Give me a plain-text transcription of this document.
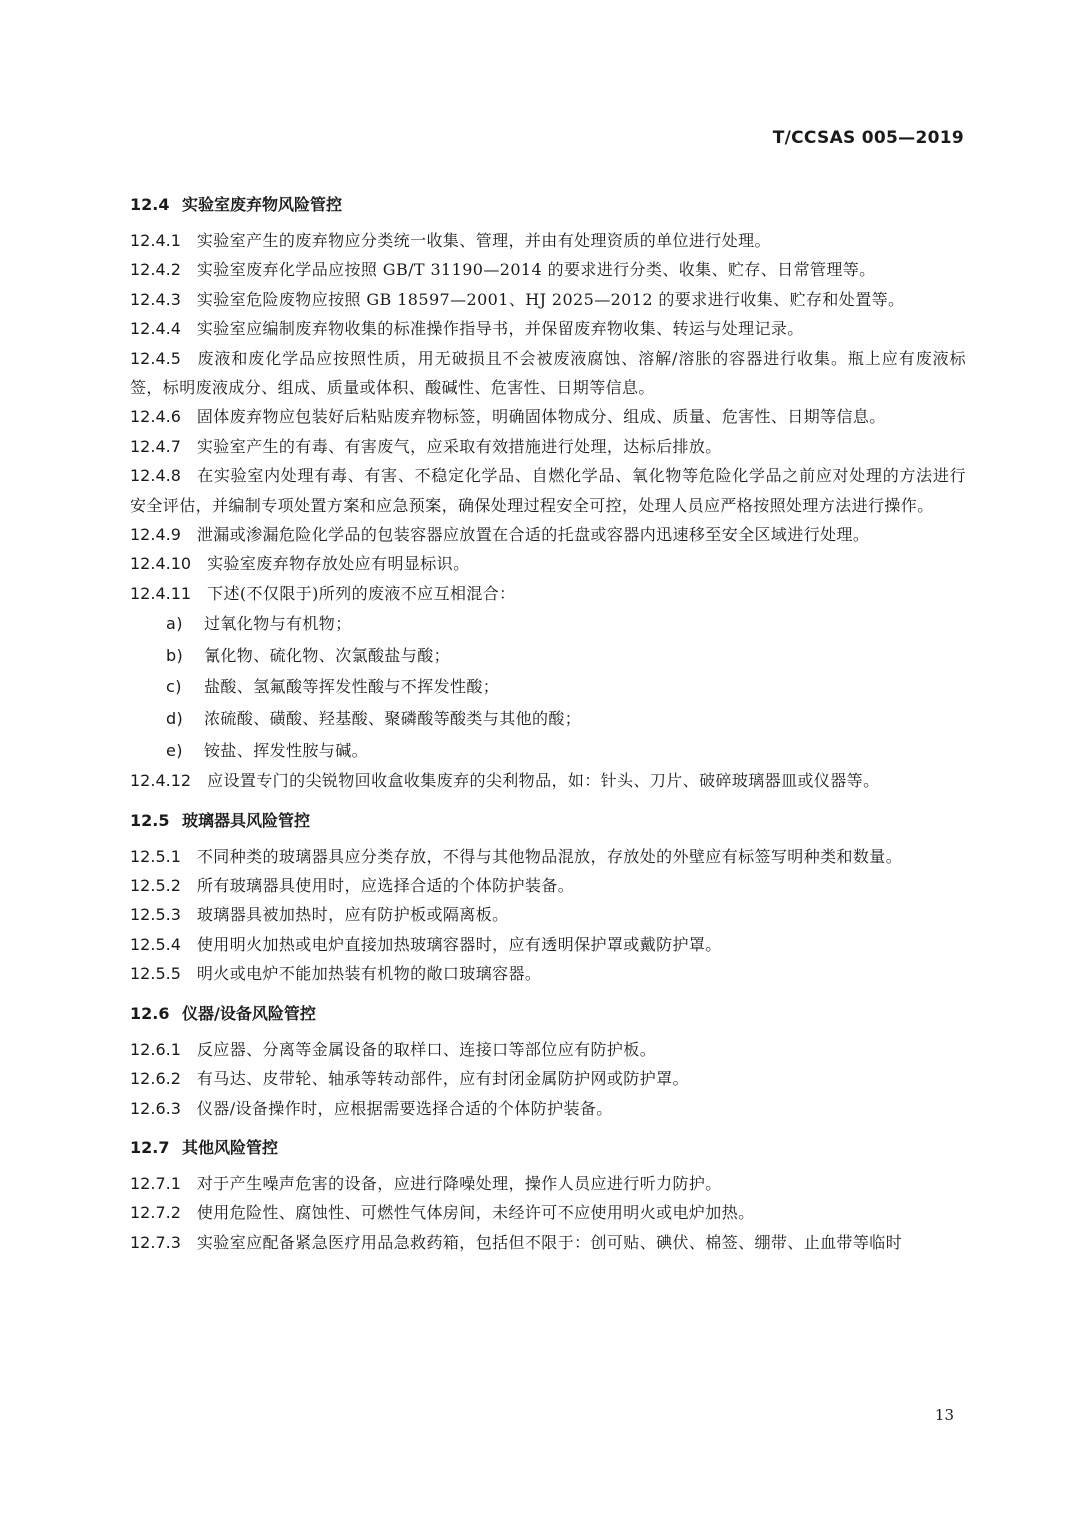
T/CCSAS 005—2019
12.4 实验室废弃物风险管控

12.4.1 实验室产生的废弃物应分类统一收集、管理，并由有处理资质的单位进行处理。

12.4.2 实验室废弃化学品应按照 GB/T 31190—2014 的要求进行分类、收集、贮存、日常管理等。

12.4.3 实验室危险废物应按照 GB 18597—2001、HJ 2025—2012 的要求进行收集、贮存和处置等。

12.4.4 实验室应编制废弃物收集的标准操作指导书，并保留废弃物收集、转运与处理记录。

12.4.5 废液和废化学品应按照性质，用无破损且不会被废液腐蚀、溶解/溶胀的容器进行收集。瓶上应有废液标签，标明废液成分、组成、质量或体积、酸碱性、危害性、日期等信息。

12.4.6 固体废弃物应包装好后粘贴废弃物标签，明确固体物成分、组成、质量、危害性、日期等信息。

12.4.7 实验室产生的有毒、有害废气，应采取有效措施进行处理，达标后排放。

12.4.8 在实验室内处理有毒、有害、不稳定化学品、自燃化学品、氧化物等危险化学品之前应对处理的方法进行安全评估，并编制专项处置方案和应急预案，确保处理过程安全可控，处理人员应严格按照处理方法进行操作。

12.4.9 泄漏或渗漏危险化学品的包装容器应放置在合适的托盘或容器内迅速移至安全区域进行处理。

12.4.10 实验室废弃物存放处应有明显标识。

12.4.11 下述(不仅限于)所列的废液不应互相混合：

a) 过氧化物与有机物；

b) 氰化物、硫化物、次氯酸盐与酸；

c) 盐酸、氢氟酸等挥发性酸与不挥发性酸；

d) 浓硫酸、磺酸、羟基酸、聚磷酸等酸类与其他的酸；

e) 铵盐、挥发性胺与碱。

12.4.12 应设置专门的尖锐物回收盒收集废弃的尖利物品，如：针头、刀片、破碎玻璃器皿或仪器等。

12.5 玻璃器具风险管控

12.5.1 不同种类的玻璃器具应分类存放，不得与其他物品混放，存放处的外壁应有标签写明种类和数量。

12.5.2 所有玻璃器具使用时，应选择合适的个体防护装备。

12.5.3 玻璃器具被加热时，应有防护板或隔离板。

12.5.4 使用明火加热或电炉直接加热玻璃容器时，应有透明保护罩或戴防护罩。

12.5.5 明火或电炉不能加热装有机物的敞口玻璃容器。

12.6 仪器/设备风险管控

12.6.1 反应器、分离等金属设备的取样口、连接口等部位应有防护板。

12.6.2 有马达、皮带轮、轴承等转动部件，应有封闭金属防护网或防护罩。

12.6.3 仪器/设备操作时，应根据需要选择合适的个体防护装备。

12.7 其他风险管控

12.7.1 对于产生噪声危害的设备，应进行降噪处理，操作人员应进行听力防护。

12.7.2 使用危险性、腐蚀性、可燃性气体房间，未经许可不应使用明火或电炉加热。

12.7.3 实验室应配备紧急医疗用品急救药箱，包括但不限于：创可贴、碘伏、棉签、绷带、止血带等临时

13
